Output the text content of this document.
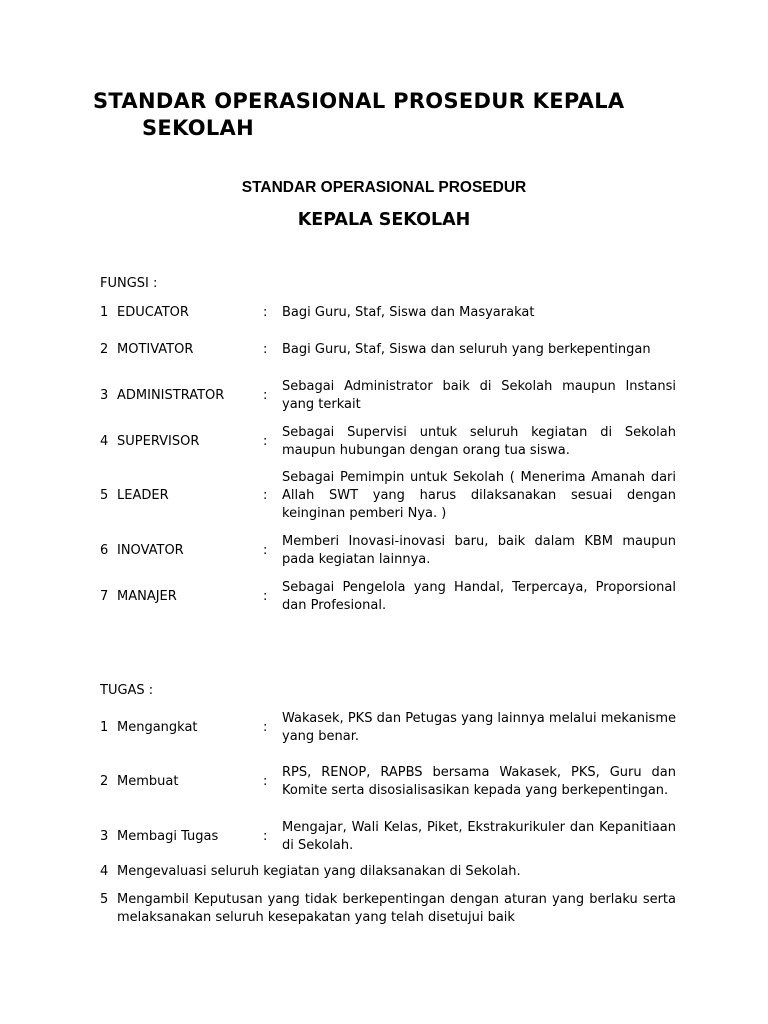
STANDAR OPERASIONAL PROSEDUR KEPALA
SEKOLAH
STANDAR OPERASIONAL PROSEDUR
KEPALA SEKOLAH
FUNGSI :
1 EDUCATOR	:	Bagi Guru, Staf, Siswa dan Masyarakat
2 MOTIVATOR	:	Bagi Guru, Staf, Siswa dan seluruh yang berkepentingan
3 ADMINISTRATOR	:
Sebagai Administrator baik di Sekolah maupun Instansi yang terkait
4 SUPERVISOR	:
Sebagai Supervisi untuk seluruh kegiatan di Sekolah maupun hubungan dengan orang tua siswa.
5 LEADER	:
Sebagai Pemimpin untuk Sekolah ( Menerima Amanah dari Allah SWT yang harus dilaksanakan sesuai dengan keinginan pemberi Nya. )
6 INOVATOR	:
Memberi Inovasi-inovasi baru, baik dalam KBM maupun pada kegiatan lainnya.
7 MANAJER	:
Sebagai Pengelola yang Handal, Terpercaya, Proporsional dan Profesional.
TUGAS :
1 Mengangkat	:
Wakasek, PKS dan Petugas yang lainnya melalui mekanisme yang benar.
2 Membuat	:
RPS, RENOP, RAPBS bersama Wakasek, PKS, Guru dan Komite serta disosialisasikan kepada yang berkepentingan.
3 Membagi Tugas	:
Mengajar, Wali Kelas, Piket, Ekstrakurikuler dan Kepanitiaan di Sekolah.
4 Mengevaluasi seluruh kegiatan yang dilaksanakan di Sekolah.
5 Mengambil Keputusan yang tidak berkepentingan dengan aturan yang berlaku serta melaksanakan seluruh kesepakatan yang telah disetujui baik
